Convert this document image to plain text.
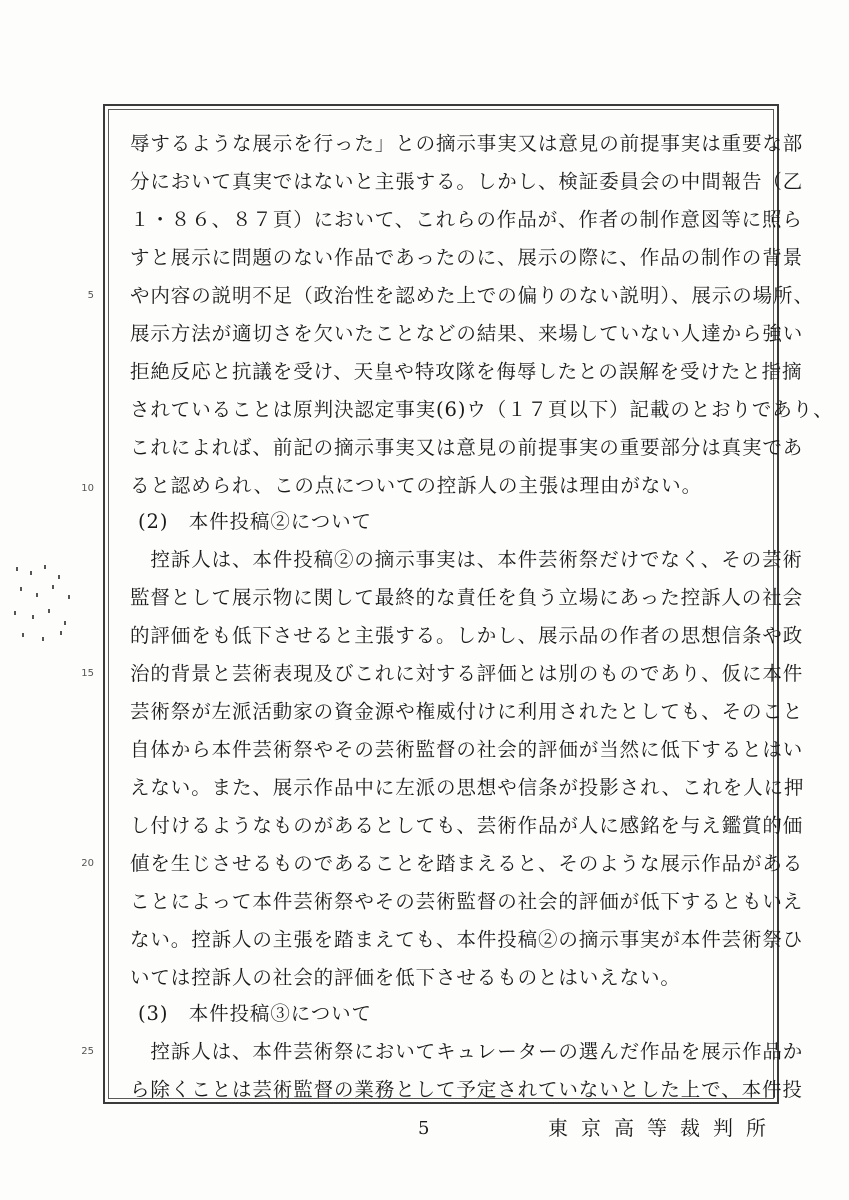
5
10
15
20
25
辱するような展示を行った」との摘示事実又は意見の前提事実は重要な部
分において真実ではないと主張する。しかし、検証委員会の中間報告（乙
１・８６、８７頁）において、これらの作品が、作者の制作意図等に照ら
すと展示に問題のない作品であったのに、展示の際に、作品の制作の背景
や内容の説明不足（政治性を認めた上での偏りのない説明）、展示の場所、
展示方法が適切さを欠いたことなどの結果、来場していない人達から強い
拒絶反応と抗議を受け、天皇や特攻隊を侮辱したとの誤解を受けたと指摘
されていることは原判決認定事実(6)ウ（１７頁以下）記載のとおりであり、
これによれば、前記の摘示事実又は意見の前提事実の重要部分は真実であ
ると認められ、この点についての控訴人の主張は理由がない。
(2)　本件投稿②について
　控訴人は、本件投稿②の摘示事実は、本件芸術祭だけでなく、その芸術
監督として展示物に関して最終的な責任を負う立場にあった控訴人の社会
的評価をも低下させると主張する。しかし、展示品の作者の思想信条や政
治的背景と芸術表現及びこれに対する評価とは別のものであり、仮に本件
芸術祭が左派活動家の資金源や権威付けに利用されたとしても、そのこと
自体から本件芸術祭やその芸術監督の社会的評価が当然に低下するとはい
えない。また、展示作品中に左派の思想や信条が投影され、これを人に押
し付けるようなものがあるとしても、芸術作品が人に感銘を与え鑑賞的価
値を生じさせるものであることを踏まえると、そのような展示作品がある
ことによって本件芸術祭やその芸術監督の社会的評価が低下するともいえ
ない。控訴人の主張を踏まえても、本件投稿②の摘示事実が本件芸術祭ひ
いては控訴人の社会的評価を低下させるものとはいえない。
(3)　本件投稿③について
　控訴人は、本件芸術祭においてキュレーターの選んだ作品を展示作品か
ら除くことは芸術監督の業務として予定されていないとした上で、本件投
5	東京高等裁判所
